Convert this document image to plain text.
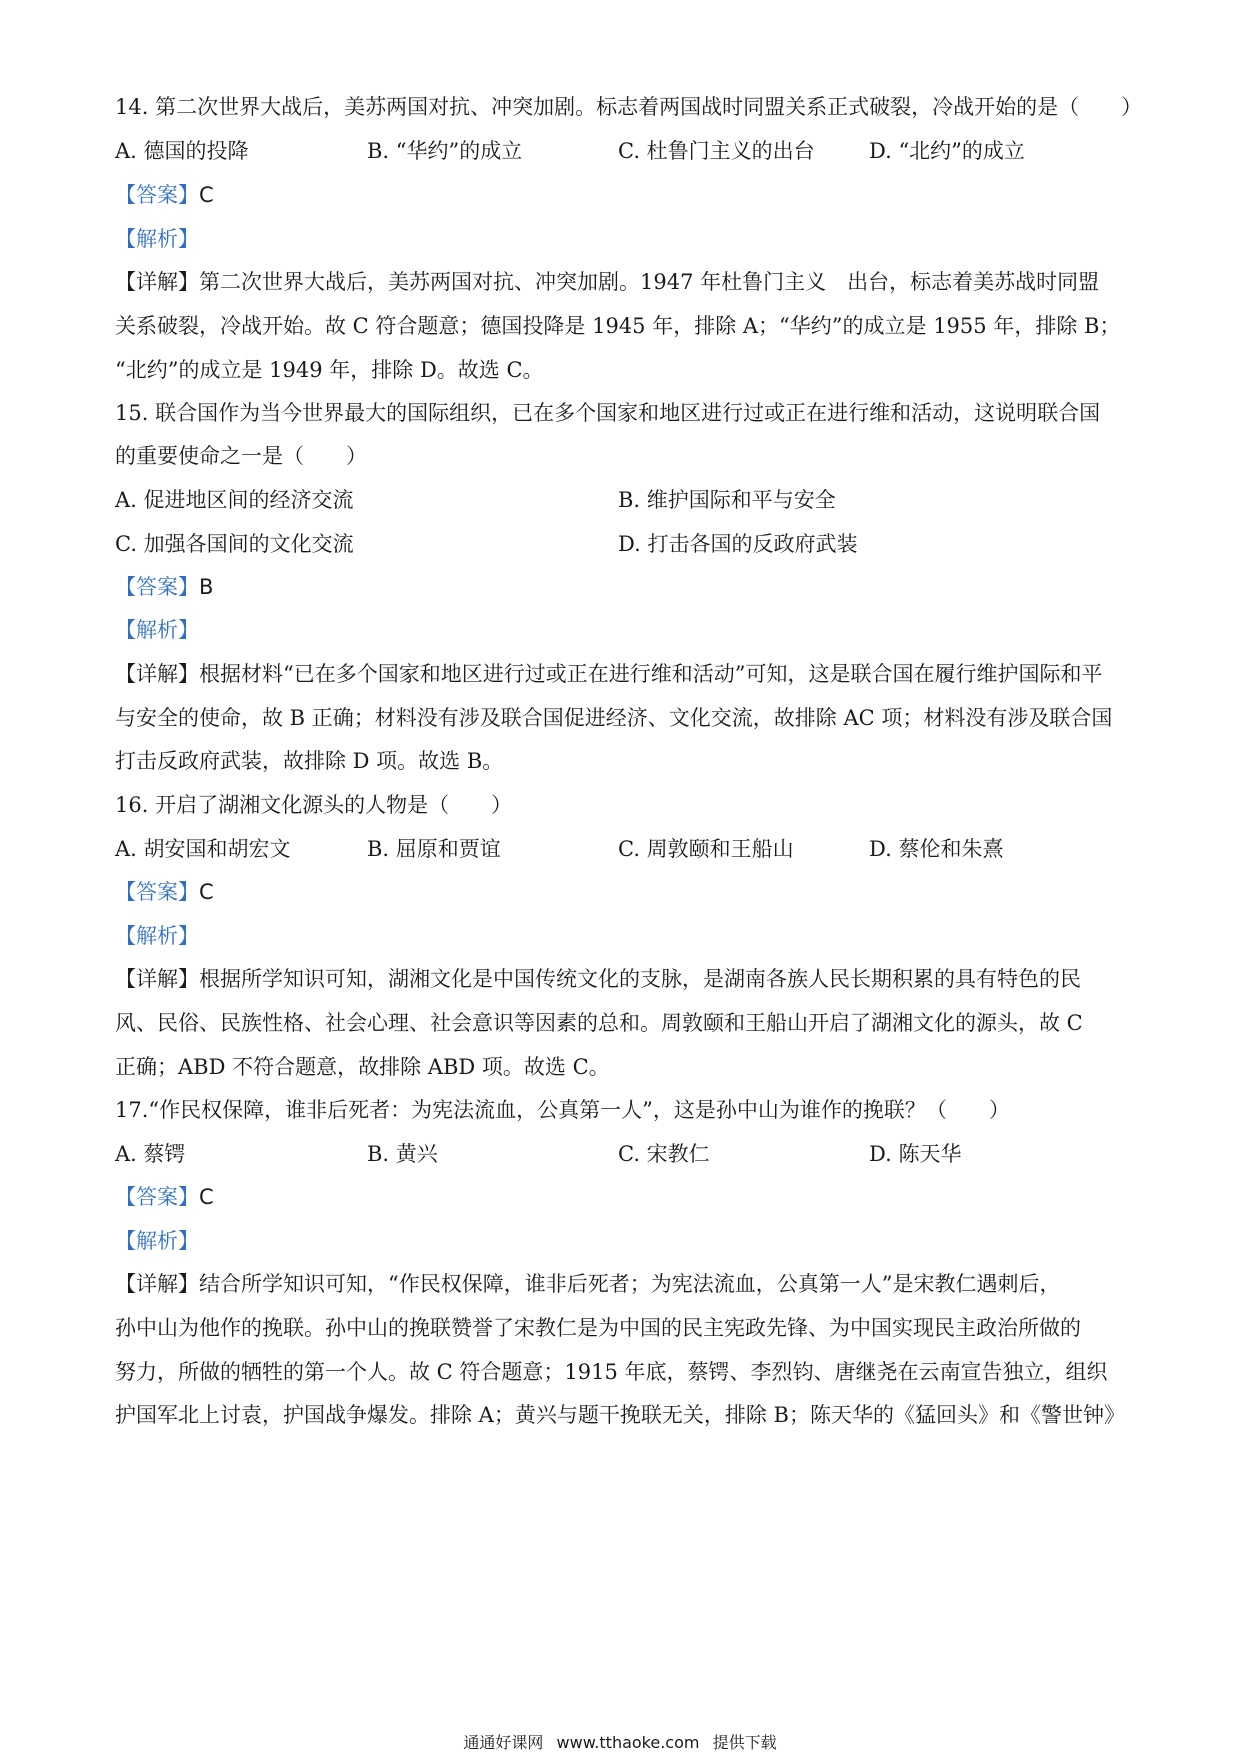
14. 第二次世界大战后，美苏两国对抗、冲突加剧。标志着两国战时同盟关系正式破裂，冷战开始的是（　　）
A. 德国的投降	B. “华约”的成立	C. 杜鲁门主义的出台	D. “北约”的成立
【答案】C
【解析】
【详解】第二次世界大战后，美苏两国对抗、冲突加剧。1947 年杜鲁门主义　出台，标志着美苏战时同盟
关系破裂，冷战开始。故 C 符合题意；德国投降是 1945 年，排除 A；“华约”的成立是 1955 年，排除 B；
“北约”的成立是 1949 年，排除 D。故选 C。
15. 联合国作为当今世界最大的国际组织，已在多个国家和地区进行过或正在进行维和活动，这说明联合国
的重要使命之一是（　　）
A. 促进地区间的经济交流	B. 维护国际和平与安全
C. 加强各国间的文化交流	D. 打击各国的反政府武装
【答案】B
【解析】
【详解】根据材料“已在多个国家和地区进行过或正在进行维和活动”可知，这是联合国在履行维护国际和平
与安全的使命，故 B 正确；材料没有涉及联合国促进经济、文化交流，故排除 AC 项；材料没有涉及联合国
打击反政府武装，故排除 D 项。故选 B。
16. 开启了湖湘文化源头的人物是（　　）
A. 胡安国和胡宏文	B. 屈原和贾谊	C. 周敦颐和王船山	D. 蔡伦和朱熹
【答案】C
【解析】
【详解】根据所学知识可知，湖湘文化是中国传统文化的支脉，是湖南各族人民长期积累的具有特色的民
风、民俗、民族性格、社会心理、社会意识等因素的总和。周敦颐和王船山开启了湖湘文化的源头，故 C
正确；ABD 不符合题意，故排除 ABD 项。故选 C。
17.“作民权保障，谁非后死者：为宪法流血，公真第一人”，这是孙中山为谁作的挽联？（　　）
A. 蔡锷	B. 黄兴	C. 宋教仁	D. 陈天华
【答案】C
【解析】
【详解】结合所学知识可知，“作民权保障，谁非后死者；为宪法流血，公真第一人”是宋教仁遇刺后，
孙中山为他作的挽联。孙中山的挽联赞誉了宋教仁是为中国的民主宪政先锋、为中国实现民主政治所做的
努力，所做的牺牲的第一个人。故 C 符合题意；1915 年底，蔡锷、李烈钧、唐继尧在云南宣告独立，组织
护国军北上讨袁，护国战争爆发。排除 A；黄兴与题干挽联无关，排除 B；陈天华的《猛回头》和《警世钟》
通通好课网 www.tthaoke.com 提供下载
